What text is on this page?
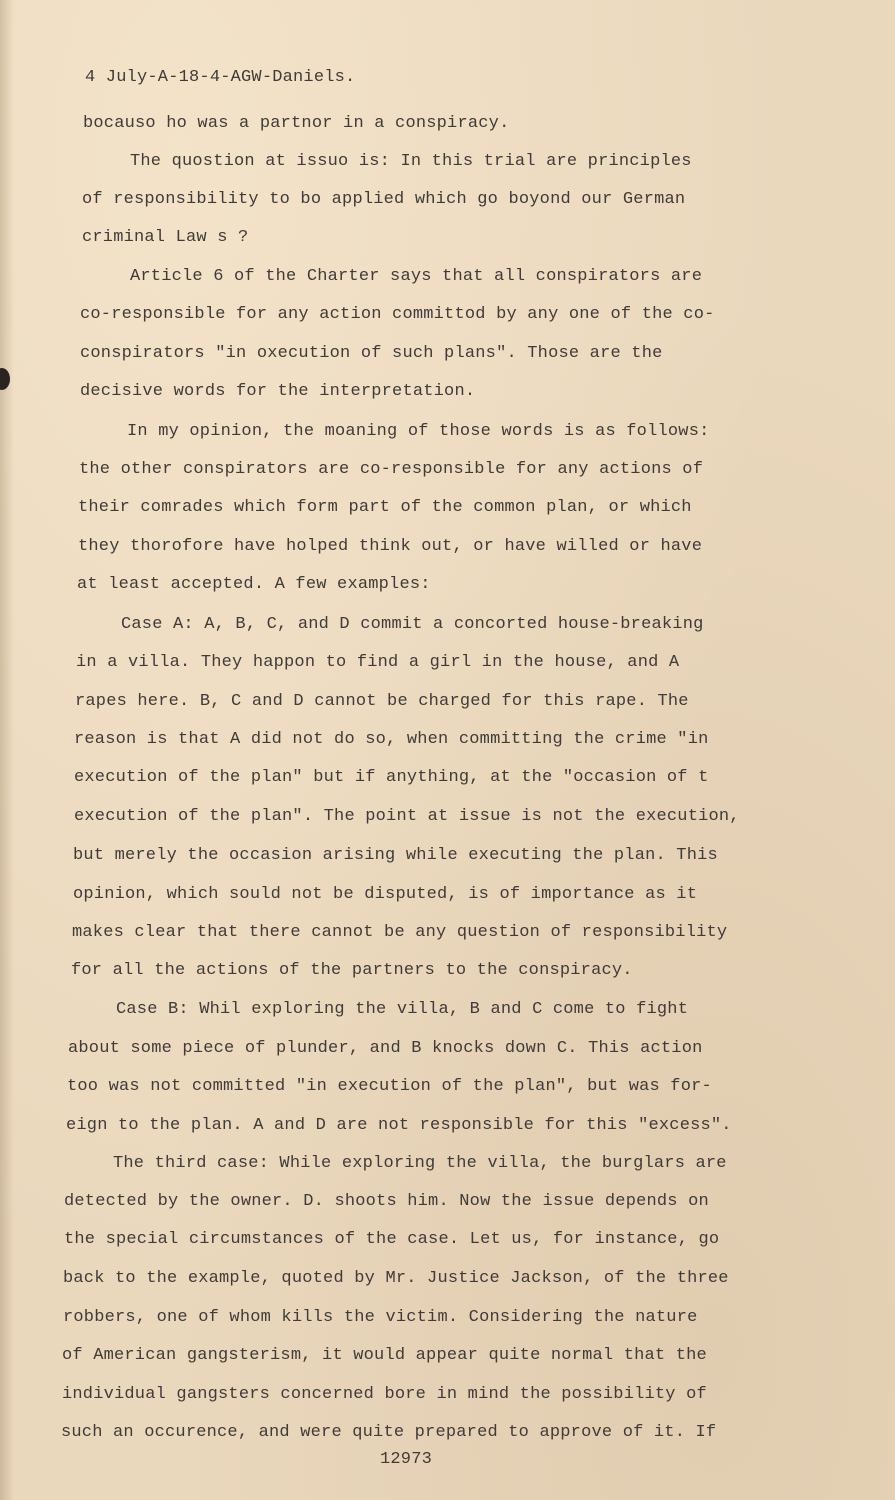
4 July-A-18-4-AGW-Daniels.
bocauso ho was a partnor in a conspiracy.
The quostion at issuo is: In this trial are principles
of responsibility to bo applied which go boyond our German
criminal Law s ?
Article 6 of the Charter says that all conspirators are
co-responsible for any action committod by any one of the co-
conspirators "in oxecution of such plans". Those are the
decisive words for the interpretation.
In my opinion, the moaning of those words is as follows:
the other conspirators are co-responsible for any actions of
their comrades which form part of the common plan, or which
they thorofore have holped think out, or have willed or have
at least accepted. A few examples:
Case A: A, B, C, and D commit a concorted house-breaking
in a villa. They happon to find a girl in the house, and A
rapes here. B, C and D cannot be charged for this rape. The
reason is that A did not do so, when committing the crime "in
execution of the plan" but if anything, at the "occasion of t
execution of the plan". The point at issue is not the execution,
but merely the occasion arising while executing the plan. This
opinion, which sould not be disputed, is of importance as it
makes clear that there cannot be any question of responsibility
for all the actions of the partners to the conspiracy.
Case B: Whil exploring the villa, B and C come to fight
about some piece of plunder, and B knocks down C. This action
too was not committed "in execution of the plan", but was for-
eign to the plan. A and D are not responsible for this "excess".
The third case: While exploring the villa, the burglars are
detected by the owner. D. shoots him. Now the issue depends on
the special circumstances of the case. Let us, for instance, go
back to the example, quoted by Mr. Justice Jackson, of the three
robbers, one of whom kills the victim. Considering the nature
of American gangsterism, it would appear quite normal that the
individual gangsters concerned bore in mind the possibility of
such an occurence, and were quite prepared to approve of it. If
12973
